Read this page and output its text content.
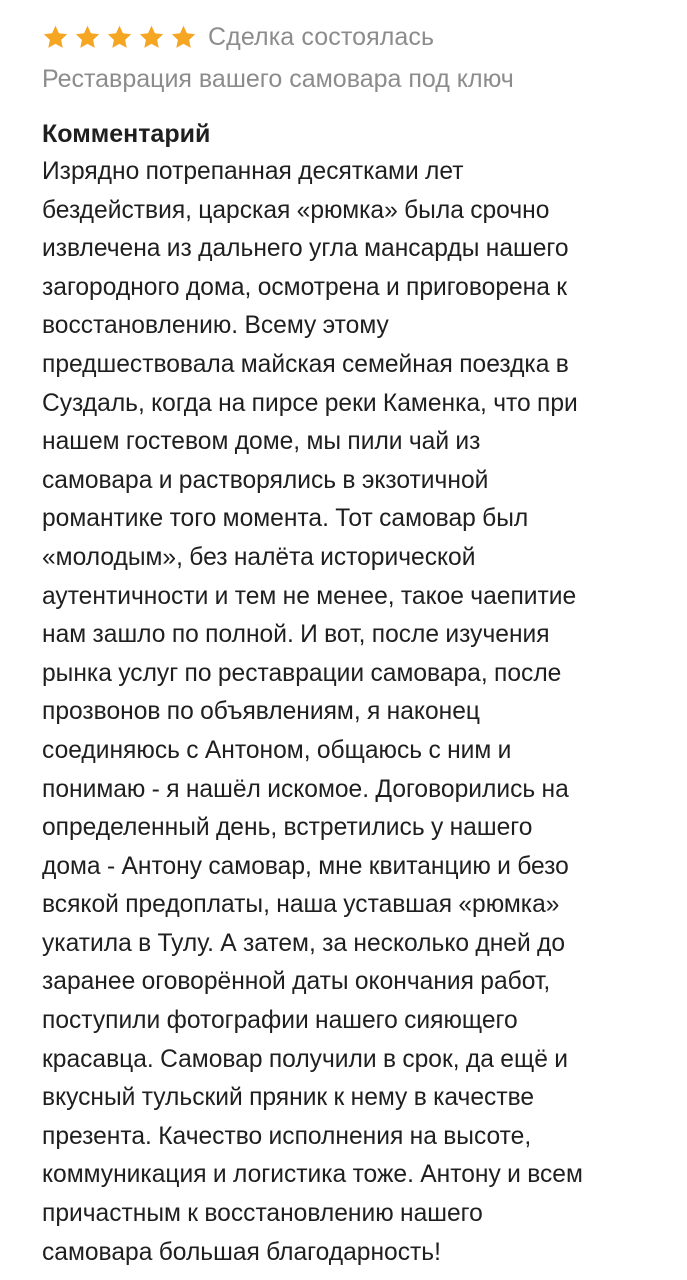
Сделка состоялась
Реставрация вашего самовара под ключ
Комментарий
Изрядно потрепанная десятками лет
бездействия, царская «рюмка» была срочно
извлечена из дальнего угла мансарды нашего
загородного дома, осмотрена и приговорена к
восстановлению. Всему этому
предшествовала майская семейная поездка в
Суздаль, когда на пирсе реки Каменка, что при
нашем гостевом доме, мы пили чай из
самовара и растворялись в экзотичной
романтике того момента. Тот самовар был
«молодым», без налёта исторической
аутентичности и тем не менее, такое чаепитие
нам зашло по полной. И вот, после изучения
рынка услуг по реставрации самовара, после
прозвонов по объявлениям, я наконец
соединяюсь с Антоном, общаюсь с ним и
понимаю - я нашёл искомое. Договорились на
определенный день, встретились у нашего
дома - Антону самовар, мне квитанцию и безо
всякой предоплаты, наша уставшая «рюмка»
укатила в Тулу. А затем, за несколько дней до
заранее оговорённой даты окончания работ,
поступили фотографии нашего сияющего
красавца. Самовар получили в срок, да ещё и
вкусный тульский пряник к нему в качестве
презента. Качество исполнения на высоте,
коммуникация и логистика тоже. Антону и всем
причастным к восстановлению нашего
самовара большая благодарность!
